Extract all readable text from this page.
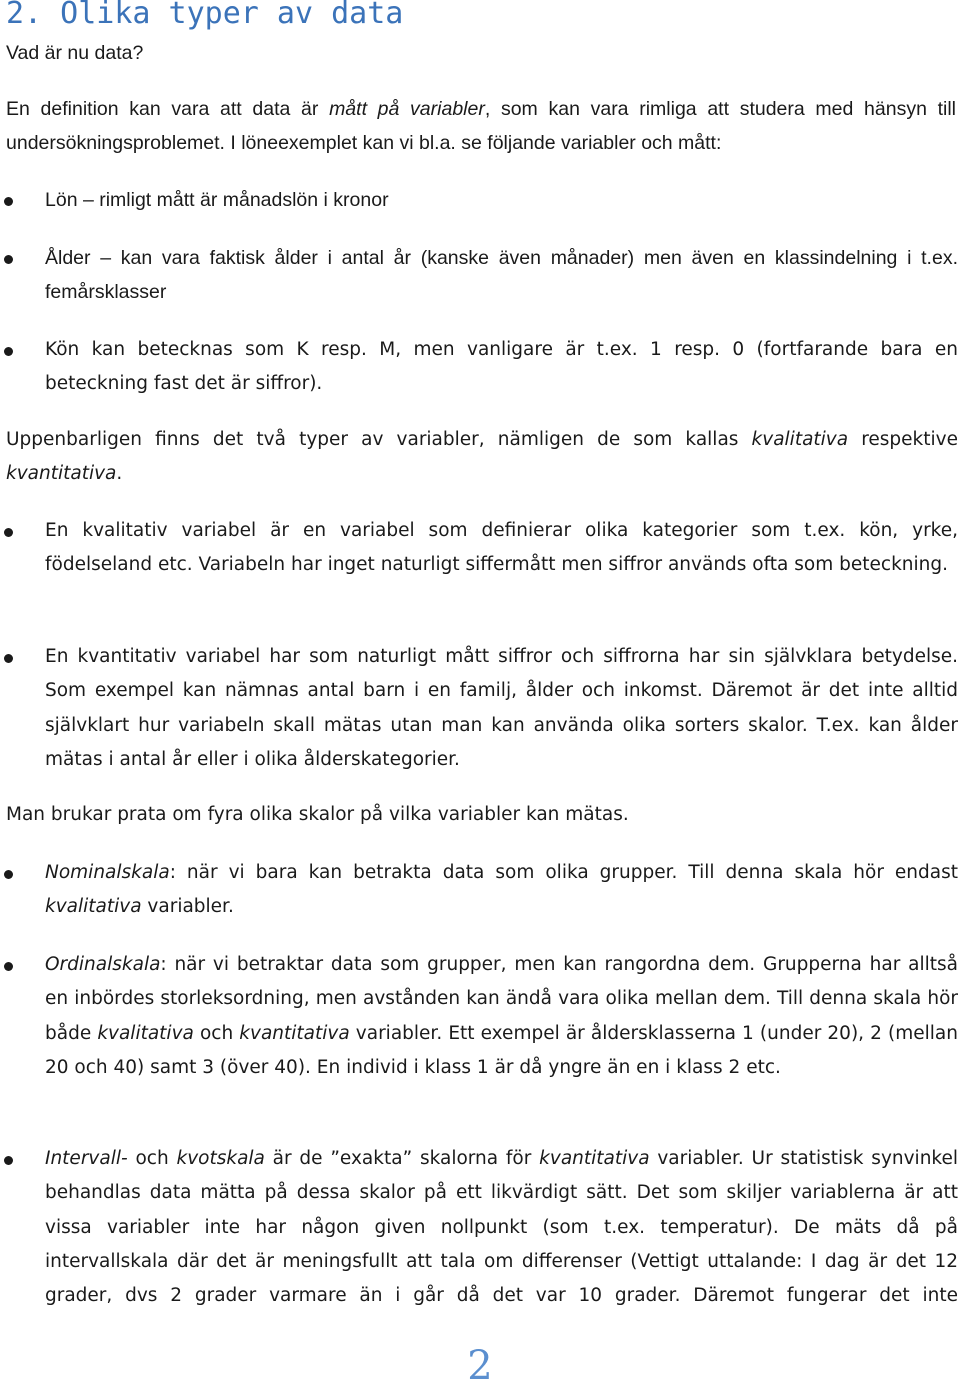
2. Olika typer av data
Vad är nu data?
En definition kan vara att data är mått på variabler, som kan vara rimliga att studera med hänsyn till undersökningsproblemet. I löneexemplet kan vi bl.a. se följande variabler och mått:
Lön – rimligt mått är månadslön i kronor
Ålder – kan vara faktisk ålder i antal år (kanske även månader) men även en klassindelning i t.ex. femårsklasser
Kön kan betecknas som K resp. M, men vanligare är t.ex. 1 resp. 0 (fortfarande bara en beteckning fast det är siffror).
Uppenbarligen finns det två typer av variabler, nämligen de som kallas kvalitativa respektive kvantitativa.
En kvalitativ variabel är en variabel som definierar olika kategorier som t.ex. kön, yrke, födelseland etc. Variabeln har inget naturligt siffermått men siffror används ofta som beteckning.
En kvantitativ variabel har som naturligt mått siffror och siffrorna har sin självklara betydelse. Som exempel kan nämnas antal barn i en familj, ålder och inkomst. Däremot är det inte alltid självklart hur variabeln skall mätas utan man kan använda olika sorters skalor. T.ex. kan ålder mätas i antal år eller i olika ålderskategorier.
Man brukar prata om fyra olika skalor på vilka variabler kan mätas.
Nominalskala: när vi bara kan betrakta data som olika grupper. Till denna skala hör endast kvalitativa variabler.
Ordinalskala: när vi betraktar data som grupper, men kan rangordna dem. Grupperna har alltså en inbördes storleksordning, men avstånden kan ändå vara olika mellan dem. Till denna skala hör både kvalitativa och kvantitativa variabler. Ett exempel är åldersklasserna 1 (under 20), 2 (mellan 20 och 40) samt 3 (över 40). En individ i klass 1 är då yngre än en i klass 2 etc.
Intervall- och kvotskala är de ”exakta” skalorna för kvantitativa variabler. Ur statistisk synvinkel behandlas data mätta på dessa skalor på ett likvärdigt sätt. Det som skiljer variablerna är att vissa variabler inte har någon given nollpunkt (som t.ex. temperatur). De mäts då på intervallskala där det är meningsfullt att tala om differenser (Vettigt uttalande: I dag är det 12 grader, dvs 2 grader varmare än i går då det var 10 grader. Däremot fungerar det inte
2
